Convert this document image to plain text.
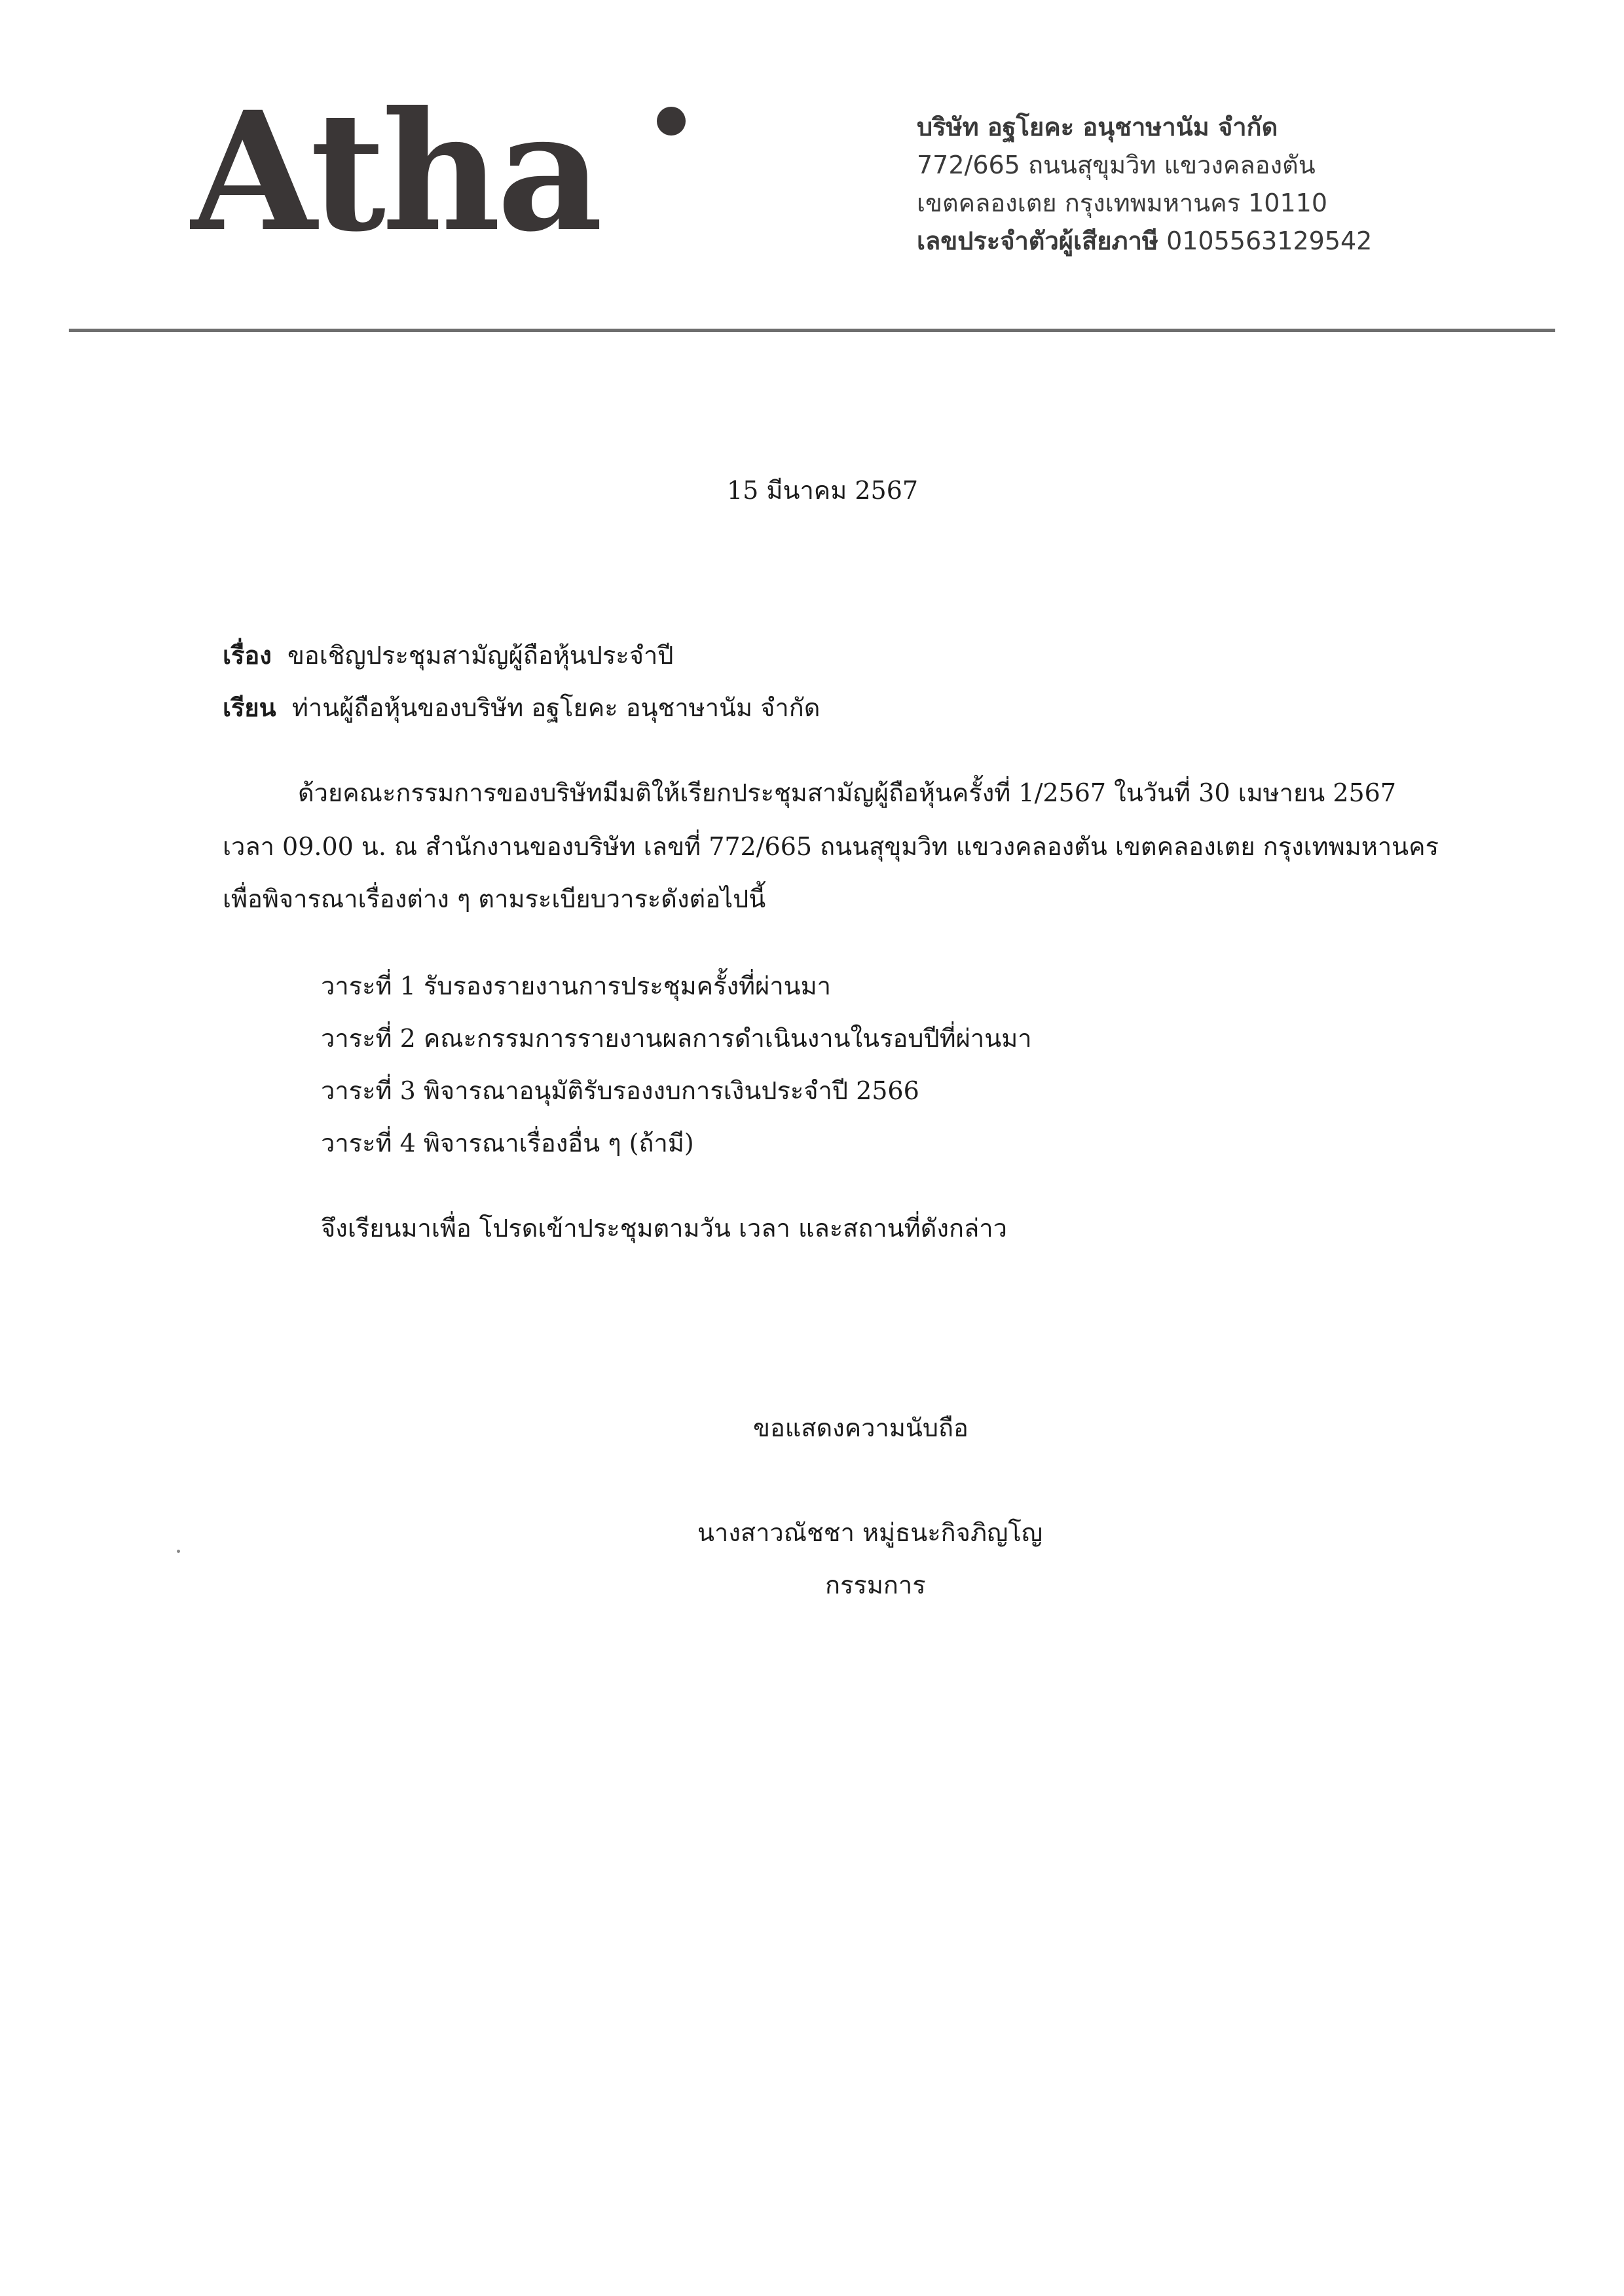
Atha	บริษัท อฐโยคะ อนุชาษานัม จำกัด
772/665 ถนนสุขุมวิท แขวงคลองตัน
เขตคลองเตย กรุงเทพมหานคร 10110
เลขประจำตัวผู้เสียภาษี 0105563129542
15 มีนาคม 2567
เรื่อง ขอเชิญประชุมสามัญผู้ถือหุ้นประจำปี
เรียน ท่านผู้ถือหุ้นของบริษัท อฐโยคะ อนุชาษานัม จำกัด
ด้วยคณะกรรมการของบริษัทมีมติให้เรียกประชุมสามัญผู้ถือหุ้นครั้งที่ 1/2567 ในวันที่ 30 เมษายน 2567
เวลา 09.00 น. ณ สำนักงานของบริษัท เลขที่ 772/665 ถนนสุขุมวิท แขวงคลองตัน เขตคลองเตย กรุงเทพมหานคร
เพื่อพิจารณาเรื่องต่าง ๆ ตามระเบียบวาระดังต่อไปนี้
วาระที่ 1 รับรองรายงานการประชุมครั้งที่ผ่านมา
วาระที่ 2 คณะกรรมการรายงานผลการดำเนินงานในรอบปีที่ผ่านมา
วาระที่ 3 พิจารณาอนุมัติรับรองงบการเงินประจำปี 2566
วาระที่ 4 พิจารณาเรื่องอื่น ๆ (ถ้ามี)
จึงเรียนมาเพื่อ โปรดเข้าประชุมตามวัน เวลา และสถานที่ดังกล่าว
ขอแสดงความนับถือ
นางสาวณัชชา หมู่ธนะกิจภิญโญ
กรรมการ
